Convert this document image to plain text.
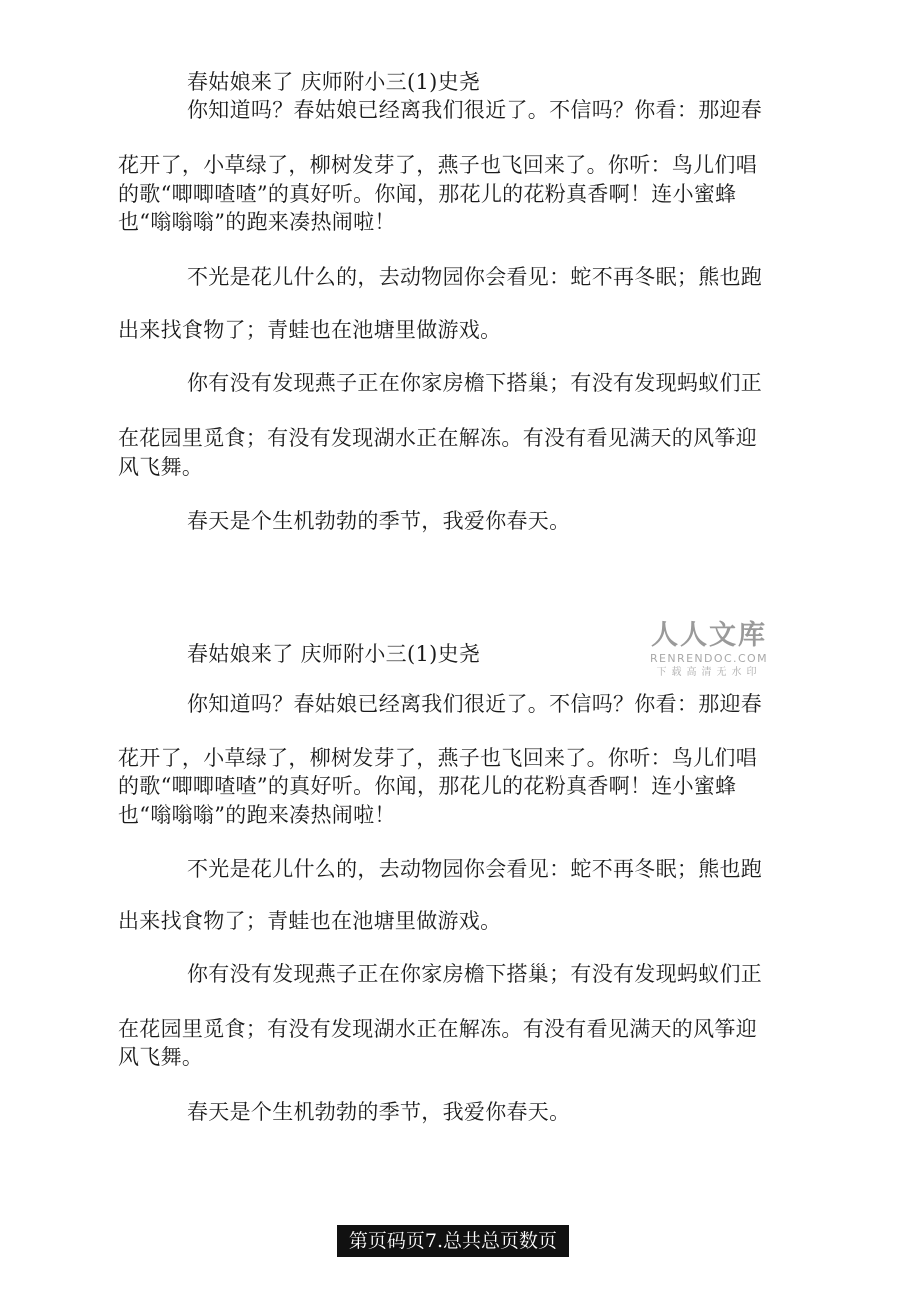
春姑娘来了 庆师附小三(1)史尧
你知道吗？春姑娘已经离我们很近了。不信吗？你看：那迎春
花开了，小草绿了，柳树发芽了，燕子也飞回来了。你听：鸟儿们唱
的歌“唧唧喳喳”的真好听。你闻，那花儿的花粉真香啊！连小蜜蜂
也“嗡嗡嗡”的跑来凑热闹啦！
不光是花儿什么的，去动物园你会看见：蛇不再冬眠；熊也跑
出来找食物了；青蛙也在池塘里做游戏。
你有没有发现燕子正在你家房檐下搭巢；有没有发现蚂蚁们正
在花园里觅食；有没有发现湖水正在解冻。有没有看见满天的风筝迎
风飞舞。
春天是个生机勃勃的季节，我爱你春天。
春姑娘来了 庆师附小三(1)史尧
你知道吗？春姑娘已经离我们很近了。不信吗？你看：那迎春
花开了，小草绿了，柳树发芽了，燕子也飞回来了。你听：鸟儿们唱
的歌“唧唧喳喳”的真好听。你闻，那花儿的花粉真香啊！连小蜜蜂
也“嗡嗡嗡”的跑来凑热闹啦！
不光是花儿什么的，去动物园你会看见：蛇不再冬眠；熊也跑
出来找食物了；青蛙也在池塘里做游戏。
你有没有发现燕子正在你家房檐下搭巢；有没有发现蚂蚁们正
在花园里觅食；有没有发现湖水正在解冻。有没有看见满天的风筝迎
风飞舞。
春天是个生机勃勃的季节，我爱你春天。
人人文库
RENRENDOC.COM
下载高清无水印
第页码页7.总共总页数页
